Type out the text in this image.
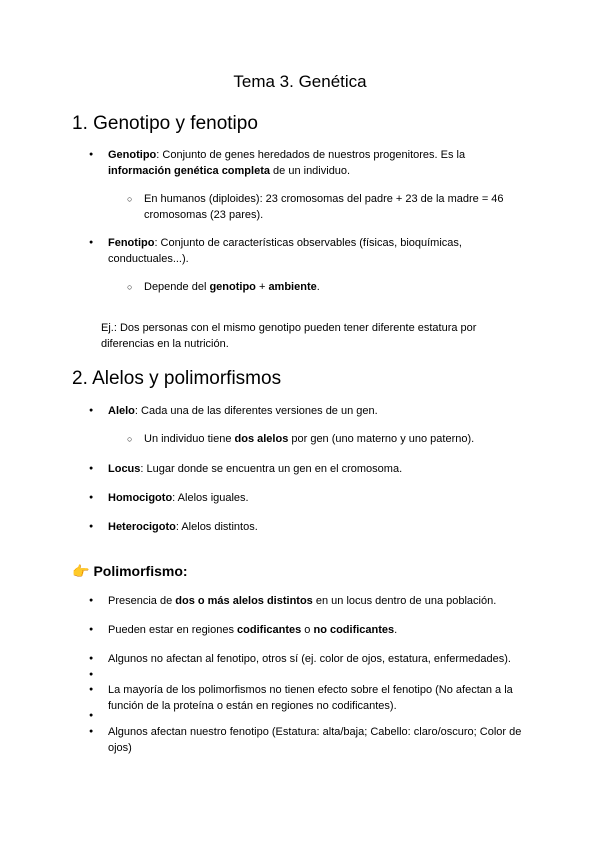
Tema 3. Genética
1. Genotipo y fenotipo
● Genotipo: Conjunto de genes heredados de nuestros progenitores. Es la información genética completa de un individuo.
○ En humanos (diploides): 23 cromosomas del padre + 23 de la madre = 46 cromosomas (23 pares).
● Fenotipo: Conjunto de características observables (físicas, bioquímicas, conductuales...).
○ Depende del genotipo + ambiente.
Ej.: Dos personas con el mismo genotipo pueden tener diferente estatura por diferencias en la nutrición.
2. Alelos y polimorfismos
● Alelo: Cada una de las diferentes versiones de un gen.
○ Un individuo tiene dos alelos por gen (uno materno y uno paterno).
● Locus: Lugar donde se encuentra un gen en el cromosoma.
● Homocigoto: Alelos iguales.
● Heterocigoto: Alelos distintos.
👉 Polimorfismo:
● Presencia de dos o más alelos distintos en un locus dentro de una población.
● Pueden estar en regiones codificantes o no codificantes.
● Algunos no afectan al fenotipo, otros sí (ej. color de ojos, estatura, enfermedades).
● La mayoría de los polimorfismos no tienen efecto sobre el fenotipo (No afectan a la función de la proteína o están en regiones no codificantes).
● Algunos afectan nuestro fenotipo (Estatura: alta/baja; Cabello: claro/oscuro; Color de ojos)
